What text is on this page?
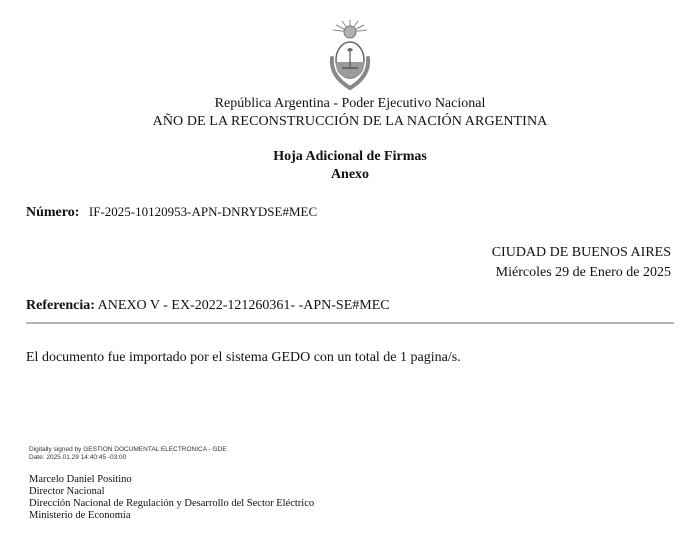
República Argentina - Poder Ejecutivo Nacional
AÑO DE LA RECONSTRUCCIÓN DE LA NACIÓN ARGENTINA
Hoja Adicional de Firmas
Anexo
Número: IF-2025-10120953-APN-DNRYDSE#MEC
CIUDAD DE BUENOS AIRES
Miércoles 29 de Enero de 2025
Referencia: ANEXO V - EX-2022-121260361- -APN-SE#MEC
El documento fue importado por el sistema GEDO con un total de 1 pagina/s.
Digitally signed by GESTION DOCUMENTAL ELECTRONICA - GDE
Date: 2025.01.29 14:40:45 -03:00
Marcelo Daniel Positino
Director Nacional
Dirección Nacional de Regulación y Desarrollo del Sector Eléctrico
Ministerio de Economía
